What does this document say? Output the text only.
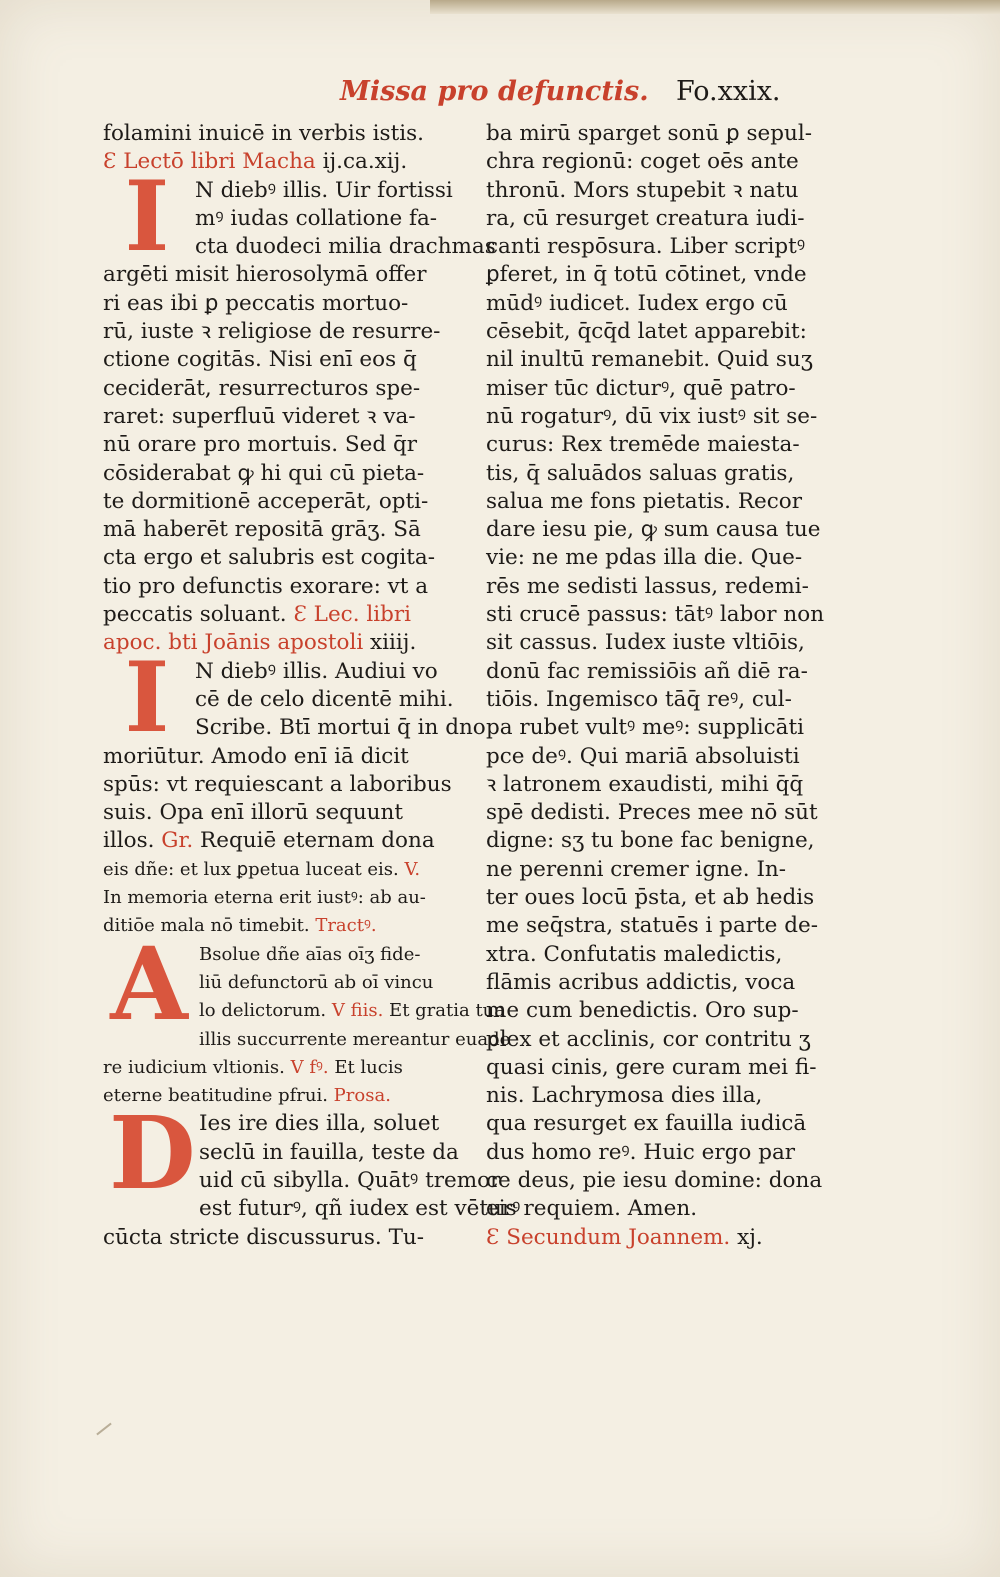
Missa pro defunctis. Fo.xxix.
folamini inuicē in verbis istis.
Ɛ Lectō libri Macha ij.ca.xij.
I	N diebꝰ illis. Uir fortissi
mꝰ iudas collatione fa-
cta duodeci milia drachmas
argēti misit hierosolymā offer
ri eas ibi ꝑ peccatis mortuo-
rū, iuste ꝛ religiose de resurre-
ctione cogitās. Nisi enī eos q̄
ceciderāt, resurrecturos spe-
raret: superfluū videret ꝛ va-
nū orare pro mortuis. Sed q̄r
cōsiderabat ꝙ hi qui cū pieta-
te dormitionē acceperāt, opti-
mā haberēt repositā grāʒ. Sā
cta ergo et salubris est cogita-
tio pro defunctis exorare: vt a
peccatis soluant. Ɛ Lec. libri
apoc. bti Joānis apostoli xiiij.
I	N diebꝰ illis. Audiui vo
cē de celo dicentē mihi.
Scribe. Btī mortui q̄ in dno
moriūtur. Amodo enī iā dicit
spūs: vt requiescant a laboribus
suis. Opa enī illorū sequunt
illos. Gr. Requiē eternam dona
eis dñe: et lux ꝑpetua luceat eis. V.
In memoria eterna erit iustꝰ: ab au-
ditiōe mala nō timebit. Tractꝰ.
A Bsolue dñe aīas oīʒ fide-
liū defunctorū ab oī vincu
lo delictorum. V fiis. Et gratia tua
illis succurrente mereantur euade
re iudicium vltionis. V fꝰ. Et lucis
eterne beatitudine pfrui. Prosa.
D Ies ire dies illa, soluet
seclū in fauilla, teste da
uid cū sibylla. Quātꝰ tremor
est futurꝰ, qñ iudex est vēturꝰ
cūcta stricte discussurus. Tu-
ba mirū sparget sonū ꝑ sepul-
chra regionū: coget oēs ante
thronū. Mors stupebit ꝛ natu
ra, cū resurget creatura iudi-
canti respōsura. Liber scriptꝰ
ꝑferet, in q̄ totū cōtinet, vnde
mūdꝰ iudicet. Iudex ergo cū
cēsebit, q̄cq̄d latet apparebit:
nil inultū remanebit. Quid suʒ
miser tūc dicturꝰ, quē patro-
nū rogaturꝰ, dū vix iustꝰ sit se-
curus: Rex tremēde maiesta-
tis, q̄ saluādos saluas gratis,
salua me fons pietatis. Recor
dare iesu pie, ꝙ sum causa tue
vie: ne me pdas illa die. Que-
rēs me sedisti lassus, redemi-
sti crucē passus: tātꝰ labor non
sit cassus. Iudex iuste vltiōis,
donū fac remissiōis añ diē ra-
tiōis. Ingemisco tāq̄ reꝰ, cul-
pa rubet vultꝰ meꝰ: supplicāti
pce deꝰ. Qui mariā absoluisti
ꝛ latronem exaudisti, mihi q̄q̄
spē dedisti. Preces mee nō sūt
digne: sʒ tu bone fac benigne,
ne perenni cremer igne. In-
ter oues locū p̄sta, et ab hedis
me seq̄stra, statuēs i parte de-
xtra. Confutatis maledictis,
flāmis acribus addictis, voca
me cum benedictis. Oro sup-
plex et acclinis, cor contritu ʒ
quasi cinis, gere curam mei fi-
nis. Lachrymosa dies illa,
qua resurget ex fauilla iudicā
dus homo reꝰ. Huic ergo par
ce deus, pie iesu domine: dona
eis requiem. Amen.
Ɛ Secundum Joannem. xj.
